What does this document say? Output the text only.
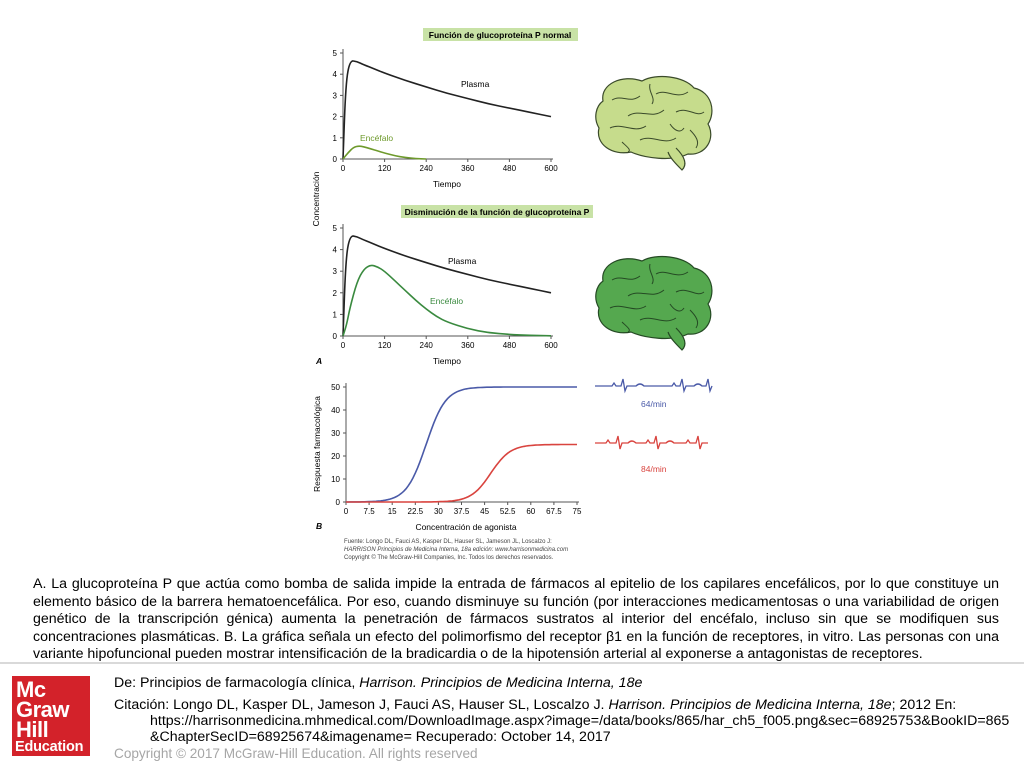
Función de glucoproteína P normal
0
1
2
3
4
5
0	120	240	360	480	600
Plasma
Encéfalo
Tiempo
Concentración	Disminución de la función de glucoproteína P
0
1
2
3
4
5
0	120	240	360	480	600
Plasma
Encéfalo
Tiempo
A
0
10
20
30
40
50
0 7.5 15 22.5 30 37.5 45 52.5 60 67.5 75
Concentración de agonista
Respuesta farmacológica
B
64/min
84/min
Fuente: Longo DL, Fauci AS, Kasper DL, Hauser SL, Jameson JL, Loscalzo J:
HARRISON Principios de Medicina Interna, 18a edición: www.harrisonmedicina.com
Copyright © The McGraw-Hill Companies, Inc. Todos los derechos reservados.
A. La glucoproteína P que actúa como bomba de salida impide la entrada de fármacos al epitelio de los capilares encefálicos, por lo que constituye un elemento básico de la barrera hematoencefálica. Por eso, cuando disminuye su función (por interacciones medicamentosas o una variabilidad de origen genético de la transcripción génica) aumenta la penetración de fármacos sustratos al interior del encéfalo, incluso sin que se modifiquen sus concentraciones plasmáticas. B. La gráfica señala un efecto del polimorfismo del receptor β1 en la función de receptores, in vitro. Las personas con una variante hipofuncional pueden mostrar intensificación de la bradicardia o de la hipotensión arterial al exponerse a antagonistas de receptores.
Mc
Graw
Hill
Education
De: Principios de farmacología clínica, Harrison. Principios de Medicina Interna, 18e
Citación: Longo DL, Kasper DL, Jameson J, Fauci AS, Hauser SL, Loscalzo J. Harrison. Principios de Medicina Interna, 18e; 2012 En:
https://harrisonmedicina.mhmedical.com/DownloadImage.aspx?image=/data/books/865/har_ch5_f005.png&sec=68925753&BookID=865
&ChapterSecID=68925674&imagename= Recuperado: October 14, 2017
Copyright © 2017 McGraw-Hill Education. All rights reserved
